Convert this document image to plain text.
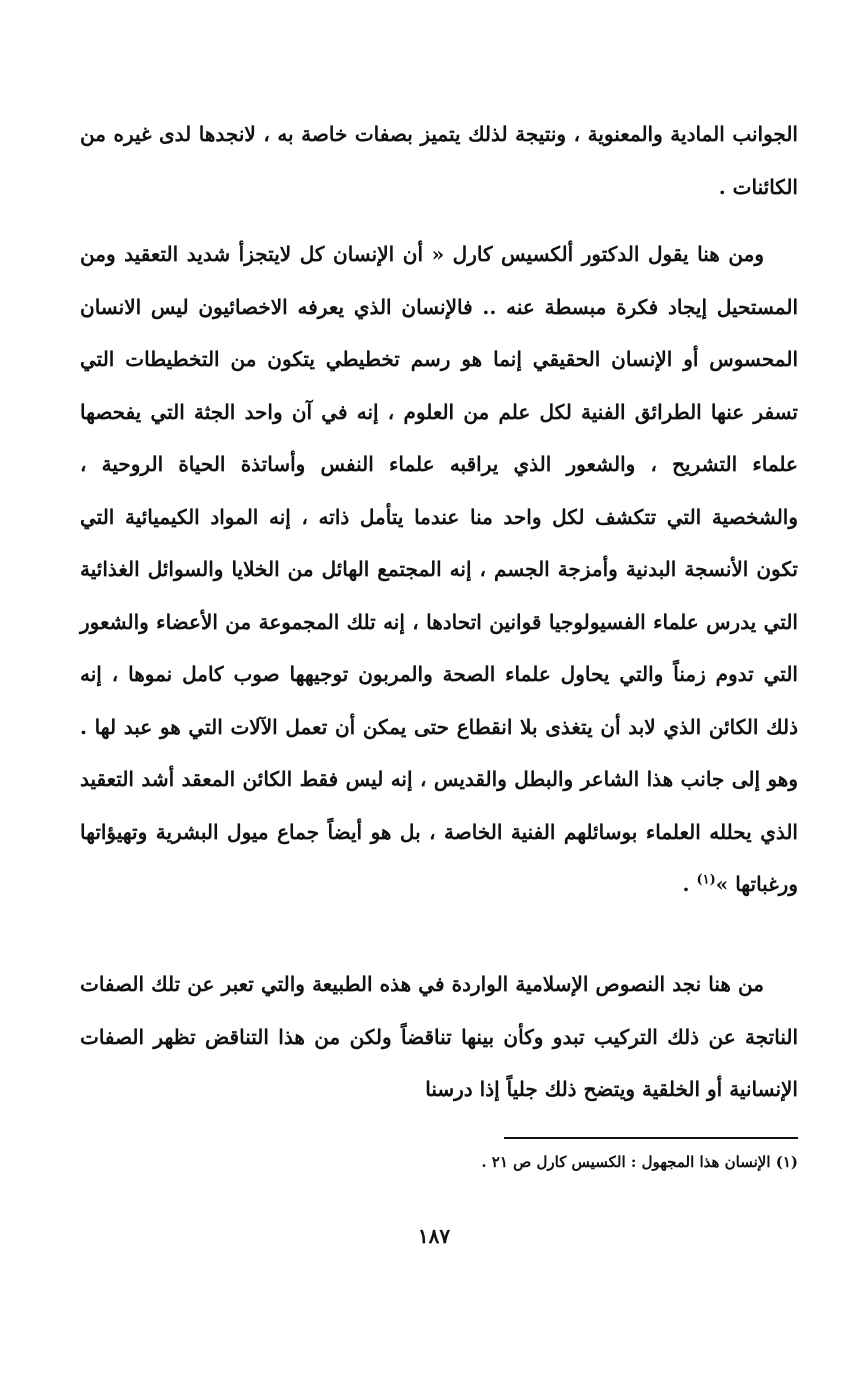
الجوانب المادية والمعنوية ، ونتيجة لذلك يتميز بصفات خاصة به ، لانجدها لدى غيره من الكائنات .

ومن هنا يقول الدكتور ألكسيس كارل « أن الإنسان كل لايتجزأ شديد التعقيد ومن المستحيل إيجاد فكرة مبسطة عنه .. فالإنسان الذي يعرفه الاخصائيون ليس الانسان المحسوس أو الإنسان الحقيقي إنما هو رسم تخطيطي يتكون من التخطيطات التي تسفر عنها الطرائق الفنية لكل علم من العلوم ، إنه في آن واحد الجثة التي يفحصها علماء التشريح ، والشعور الذي يراقبه علماء النفس وأساتذة الحياة الروحية ، والشخصية التي تتكشف لكل واحد منا عندما يتأمل ذاته ، إنه المواد الكيميائية التي تكون الأنسجة البدنية وأمزجة الجسم ، إنه المجتمع الهائل من الخلايا والسوائل الغذائية التي يدرس علماء الفسيولوجيا قوانين اتحادها ، إنه تلك المجموعة من الأعضاء والشعور التي تدوم زمناً والتي يحاول علماء الصحة والمربون توجيهها صوب كامل نموها ، إنه ذلك الكائن الذي لابد أن يتغذى بلا انقطاع حتى يمكن أن تعمل الآلات التي هو عبد لها . وهو إلى جانب هذا الشاعر والبطل والقديس ، إنه ليس فقط الكائن المعقد أشد التعقيد الذي يحلله العلماء بوسائلهم الفنية الخاصة ، بل هو أيضاً جماع ميول البشرية وتهيؤاتها ورغباتها »$^{(١)}$ .

من هنا نجد النصوص الإسلامية الواردة في هذه الطبيعة والتي تعبر عن تلك الصفات الناتجة عن ذلك التركيب تبدو وكأن بينها تناقضاً ولكن من هذا التناقض تظهر الصفات الإنسانية أو الخلقية ويتضح ذلك جلياً إذا درسنا

(١) الإنسان هذا المجهول : الكسيس كارل ص ٢١ .
١٨٧
